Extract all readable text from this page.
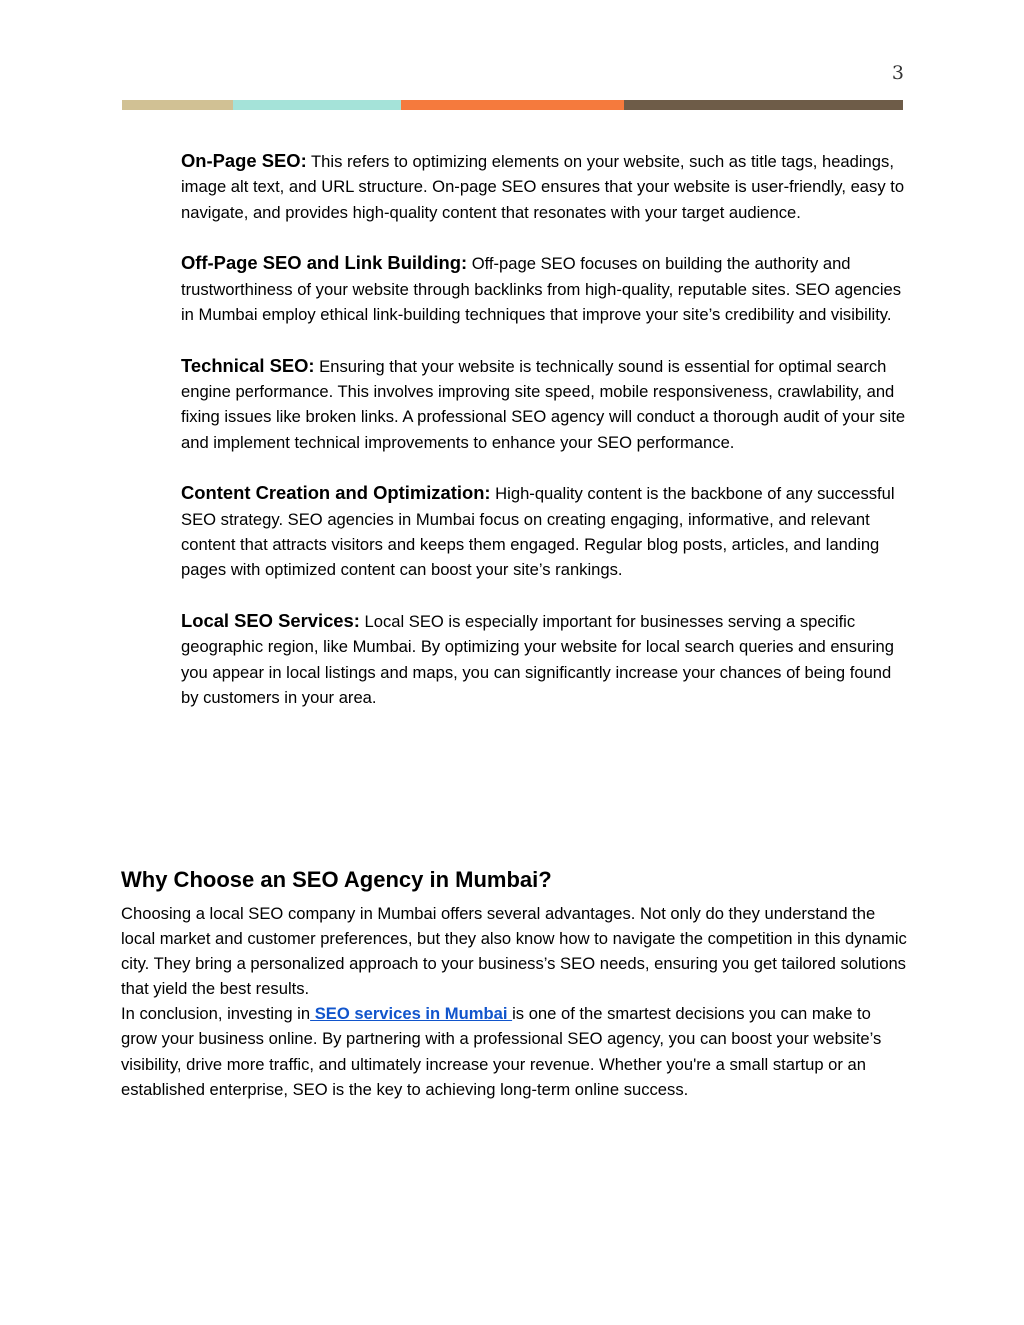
3

On-Page SEO: This refers to optimizing elements on your website, such as title tags, headings, image alt text, and URL structure. On-page SEO ensures that your website is user-friendly, easy to navigate, and provides high-quality content that resonates with your target audience.

Off-Page SEO and Link Building: Off-page SEO focuses on building the authority and trustworthiness of your website through backlinks from high-quality, reputable sites. SEO agencies in Mumbai employ ethical link-building techniques that improve your site’s credibility and visibility.

Technical SEO: Ensuring that your website is technically sound is essential for optimal search engine performance. This involves improving site speed, mobile responsiveness, crawlability, and fixing issues like broken links. A professional SEO agency will conduct a thorough audit of your site and implement technical improvements to enhance your SEO performance.

Content Creation and Optimization: High-quality content is the backbone of any successful SEO strategy. SEO agencies in Mumbai focus on creating engaging, informative, and relevant content that attracts visitors and keeps them engaged. Regular blog posts, articles, and landing pages with optimized content can boost your site’s rankings.

Local SEO Services: Local SEO is especially important for businesses serving a specific geographic region, like Mumbai. By optimizing your website for local search queries and ensuring you appear in local listings and maps, you can significantly increase your chances of being found by customers in your area.

Why Choose an SEO Agency in Mumbai?

Choosing a local SEO company in Mumbai offers several advantages. Not only do they understand the local market and customer preferences, but they also know how to navigate the competition in this dynamic city. They bring a personalized approach to your business’s SEO needs, ensuring you get tailored solutions that yield the best results.

In conclusion, investing in SEO services in Mumbai is one of the smartest decisions you can make to grow your business online. By partnering with a professional SEO agency, you can boost your website’s visibility, drive more traffic, and ultimately increase your revenue. Whether you're a small startup or an established enterprise, SEO is the key to achieving long-term online success.
